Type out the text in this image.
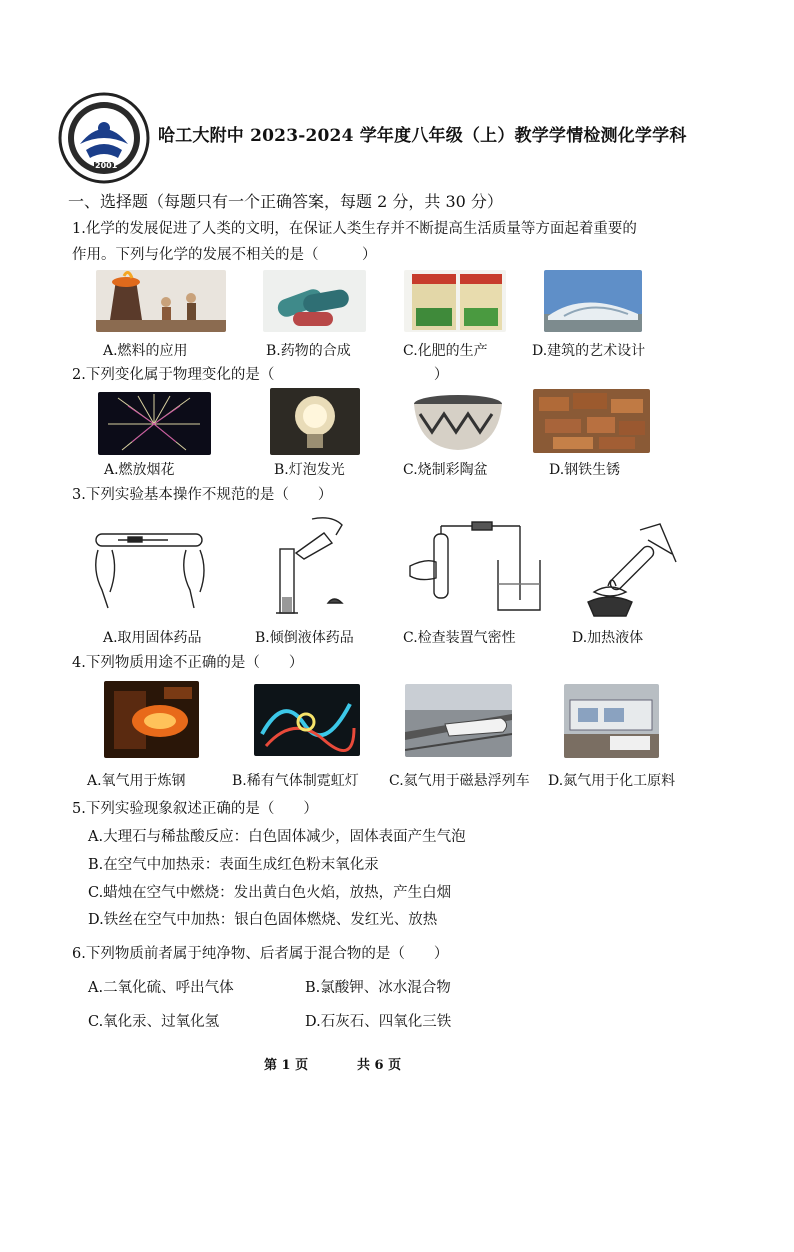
2001
哈工大附中 2023-2024 学年度八年级（上）教学学情检测化学学科
一、选择题（每题只有一个正确答案，每题 2 分，共 30 分）
1.化学的发展促进了人类的文明，在保证人类生存并不断提高生活质量等方面起着重要的
作用。下列与化学的发展不相关的是（　　　）
A.燃料的应用	B.药物的合成	C.化肥的生产	D.建筑的艺术设计
2.下列变化属于物理变化的是（　　　　　　　　　　　）
A.燃放烟花	B.灯泡发光	C.烧制彩陶盆	D.钢铁生锈
3.下列实验基本操作不规范的是（　　）
A.取用固体药品	B.倾倒液体药品	C.检查装置气密性	D.加热液体
4.下列物质用途不正确的是（　　）
A.氧气用于炼钢	B.稀有气体制霓虹灯 C.氦气用于磁悬浮列车 D.氮气用于化工原料
5.下列实验现象叙述正确的是（　　）
A.大理石与稀盐酸反应：白色固体减少，固体表面产生气泡
B.在空气中加热汞：表面生成红色粉末氧化汞
C.蜡烛在空气中燃烧：发出黄白色火焰，放热，产生白烟
D.铁丝在空气中加热：银白色固体燃烧、发红光、放热
6.下列物质前者属于纯净物、后者属于混合物的是（　　）
A.二氧化硫、呼出气体	B.氯酸钾、冰水混合物
C.氧化汞、过氧化氢	D.石灰石、四氧化三铁
第 1 页	共 6 页
